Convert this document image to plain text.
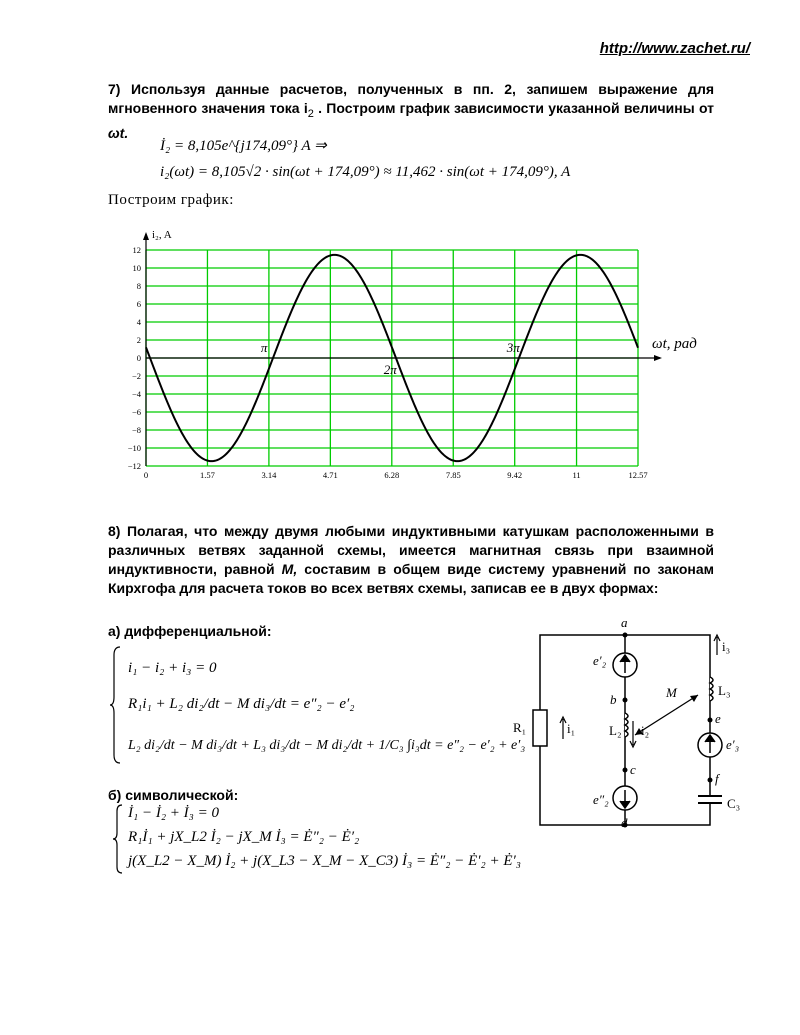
http://www.zachet.ru/
7) Используя данные расчетов, полученных в пп. 2, запишем выражение для мгновенного значения тока $i_2$ . Построим график зависимости указанной величины от ωt.
İ₂ = 8,105e^{j174,09°} A ⇒
i₂(ωt) = 8,105√2 · sin(ωt + 174,09°) ≈ 11,462 · sin(ωt + 174,09°), A
Построим график:
12
10
8
6
4
2
0
−2
−4
−6
−8
−10
−12
0	1.57	3.14	4.71	6.28	7.85	9.42	11	12.57
π
2π
3π
i₂, A
ωt, рад
8) Полагая, что между двумя любыми индуктивными катушкам расположенными в различных ветвях заданной схемы, имеется магнитная связь при взаимной индуктивности, равной M, составим в общем виде систему уравнений по законам Кирхгофа для расчета токов во всех ветвях схемы, записав ее в двух формах:
а) дифференциальной:
i₁ − i₂ + i₃ = 0
R₁i₁ + L₂ di₂/dt − M di₃/dt = e″₂ − e′₂
L₂ di₂/dt − M di₃/dt + L₃ di₃/dt − M di₂/dt + 1/C₃ ∫i₃dt = e″₂ − e′₂ + e′₃
б) символической:
İ₁ − İ₂ + İ₃ = 0
R₁İ₁ + jX_L2 İ₂ − jX_M İ₃ = Ė″₂ − Ė′₂
j(X_L2 − X_M) İ₂ + j(X_L3 − X_M − X_C3) İ₃ = Ė″₂ − Ė′₂ + Ė′₃
a
b
c
d
e
f
R₁	i₁	L₂ i₂
i₃
L₃
C₃
M
e′₂
e″₂
e′₃
